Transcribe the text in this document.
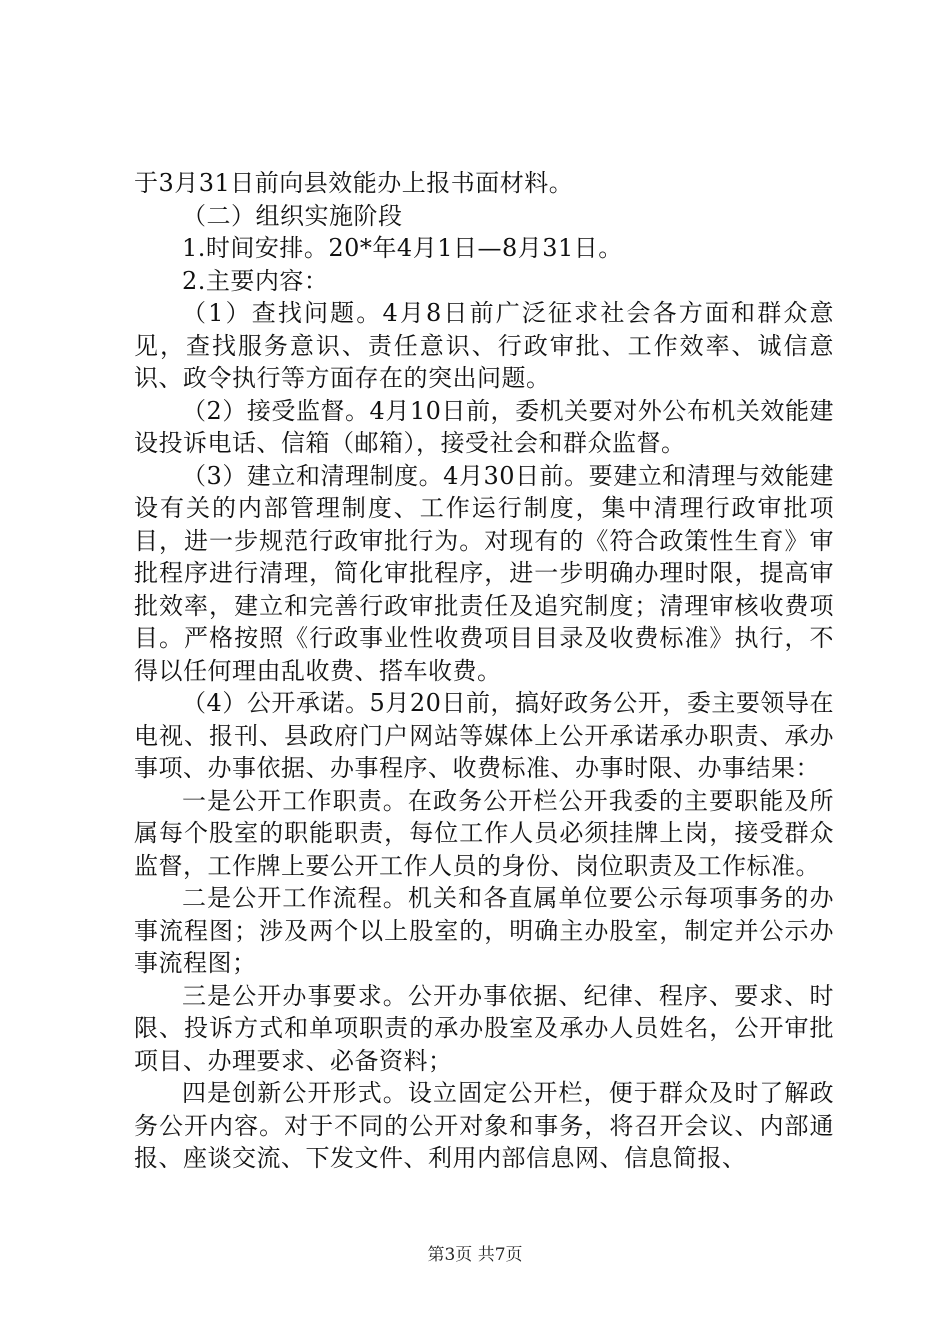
于3月31日前向县效能办上报书面材料。

（二）组织实施阶段

1.时间安排。20*年4月1日—8月31日。

2.主要内容：

（1）查找问题。4月8日前广泛征求社会各方面和群众意见，查找服务意识、责任意识、行政审批、工作效率、诚信意识、政令执行等方面存在的突出问题。

（2）接受监督。4月10日前，委机关要对外公布机关效能建设投诉电话、信箱（邮箱），接受社会和群众监督。

（3）建立和清理制度。4月30日前。要建立和清理与效能建设有关的内部管理制度、工作运行制度，集中清理行政审批项目，进一步规范行政审批行为。对现有的《符合政策性生育》审批程序进行清理，简化审批程序，进一步明确办理时限，提高审批效率，建立和完善行政审批责任及追究制度；清理审核收费项目。严格按照《行政事业性收费项目目录及收费标准》执行，不得以任何理由乱收费、搭车收费。

（4）公开承诺。5月20日前，搞好政务公开，委主要领导在电视、报刊、县政府门户网站等媒体上公开承诺承办职责、承办事项、办事依据、办事程序、收费标准、办事时限、办事结果：

一是公开工作职责。在政务公开栏公开我委的主要职能及所属每个股室的职能职责，每位工作人员必须挂牌上岗，接受群众监督，工作牌上要公开工作人员的身份、岗位职责及工作标准。

二是公开工作流程。机关和各直属单位要公示每项事务的办事流程图；涉及两个以上股室的，明确主办股室，制定并公示办事流程图；

三是公开办事要求。公开办事依据、纪律、程序、要求、时限、投诉方式和单项职责的承办股室及承办人员姓名，公开审批项目、办理要求、必备资料；

四是创新公开形式。设立固定公开栏，便于群众及时了解政务公开内容。对于不同的公开对象和事务，将召开会议、内部通报、座谈交流、下发文件、利用内部信息网、信息简报、

第3页 共7页
